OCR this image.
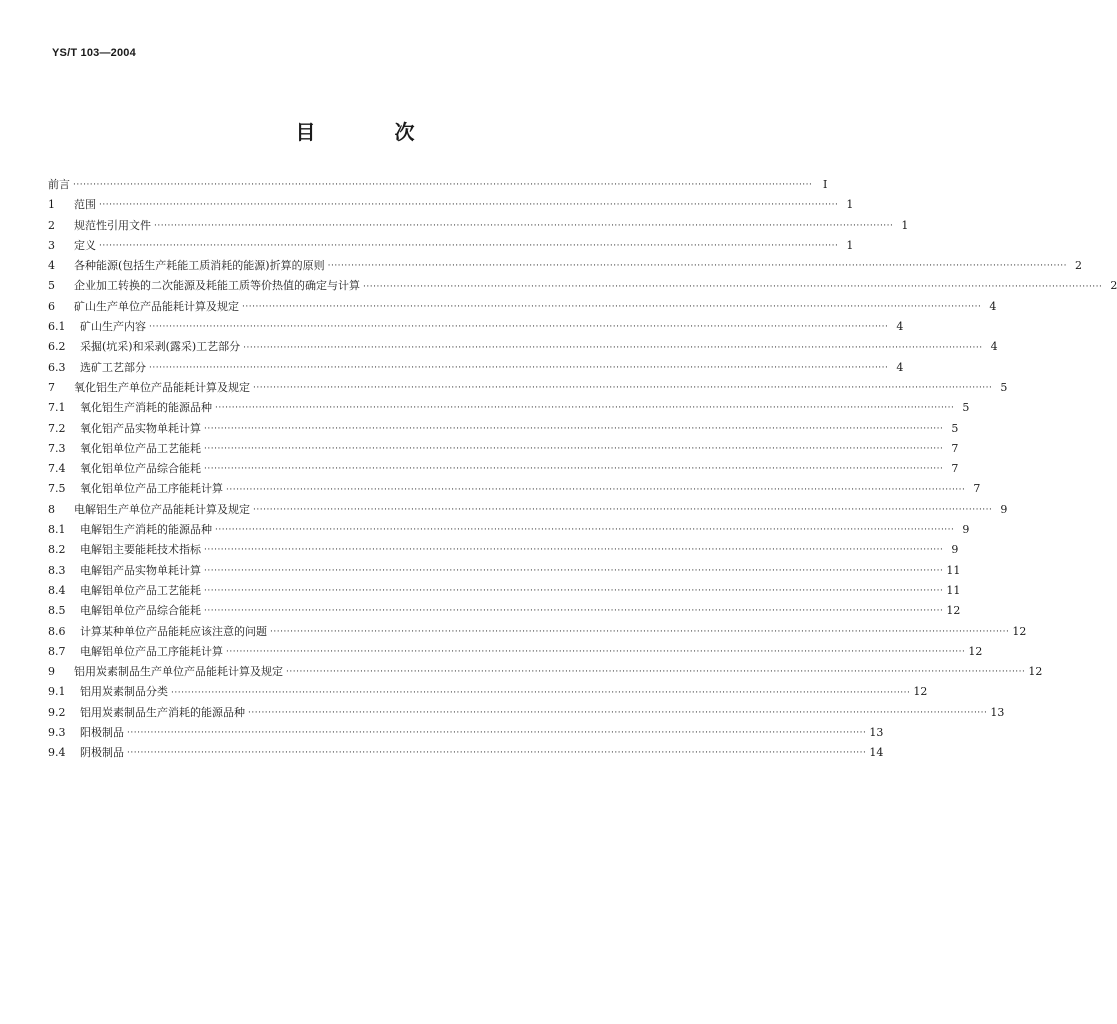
YS/T 103—2004
目 次
前言 ···························································································································································································································· I
1	范围 ···························································································································································································································· 1
2	规范性引用文件 ···························································································································································································································· 1
3	定义 ···························································································································································································································· 1
4	各种能源(包括生产耗能工质消耗的能源)折算的原则 ···························································································································································································································· 2
5	企业加工转换的二次能源及耗能工质等价热值的确定与计算 ···························································································································································································································· 2
6	矿山生产单位产品能耗计算及规定 ···························································································································································································································· 4
6.1	矿山生产内容 ···························································································································································································································· 4
6.2	采掘(坑采)和采剥(露采)工艺部分 ···························································································································································································································· 4
6.3	选矿工艺部分 ···························································································································································································································· 4
7	氧化铝生产单位产品能耗计算及规定 ···························································································································································································································· 5
7.1	氧化铝生产消耗的能源品种 ···························································································································································································································· 5
7.2	氧化铝产品实物单耗计算 ···························································································································································································································· 5
7.3	氧化铝单位产品工艺能耗 ···························································································································································································································· 7
7.4	氧化铝单位产品综合能耗 ···························································································································································································································· 7
7.5	氧化铝单位产品工序能耗计算 ···························································································································································································································· 7
8	电解铝生产单位产品能耗计算及规定 ···························································································································································································································· 9
8.1	电解铝生产消耗的能源品种 ···························································································································································································································· 9
8.2	电解铝主要能耗技术指标 ···························································································································································································································· 9
8.3	电解铝产品实物单耗计算 ···························································································································································································································· 11
8.4	电解铝单位产品工艺能耗 ···························································································································································································································· 11
8.5	电解铝单位产品综合能耗 ···························································································································································································································· 12
8.6	计算某种单位产品能耗应该注意的问题 ···························································································································································································································· 12
8.7	电解铝单位产品工序能耗计算 ···························································································································································································································· 12
9	铝用炭素制品生产单位产品能耗计算及规定 ···························································································································································································································· 12
9.1	铝用炭素制品分类 ···························································································································································································································· 12
9.2	铝用炭素制品生产消耗的能源品种 ···························································································································································································································· 13
9.3	阳极制品 ···························································································································································································································· 13
9.4	阴极制品 ···························································································································································································································· 14
